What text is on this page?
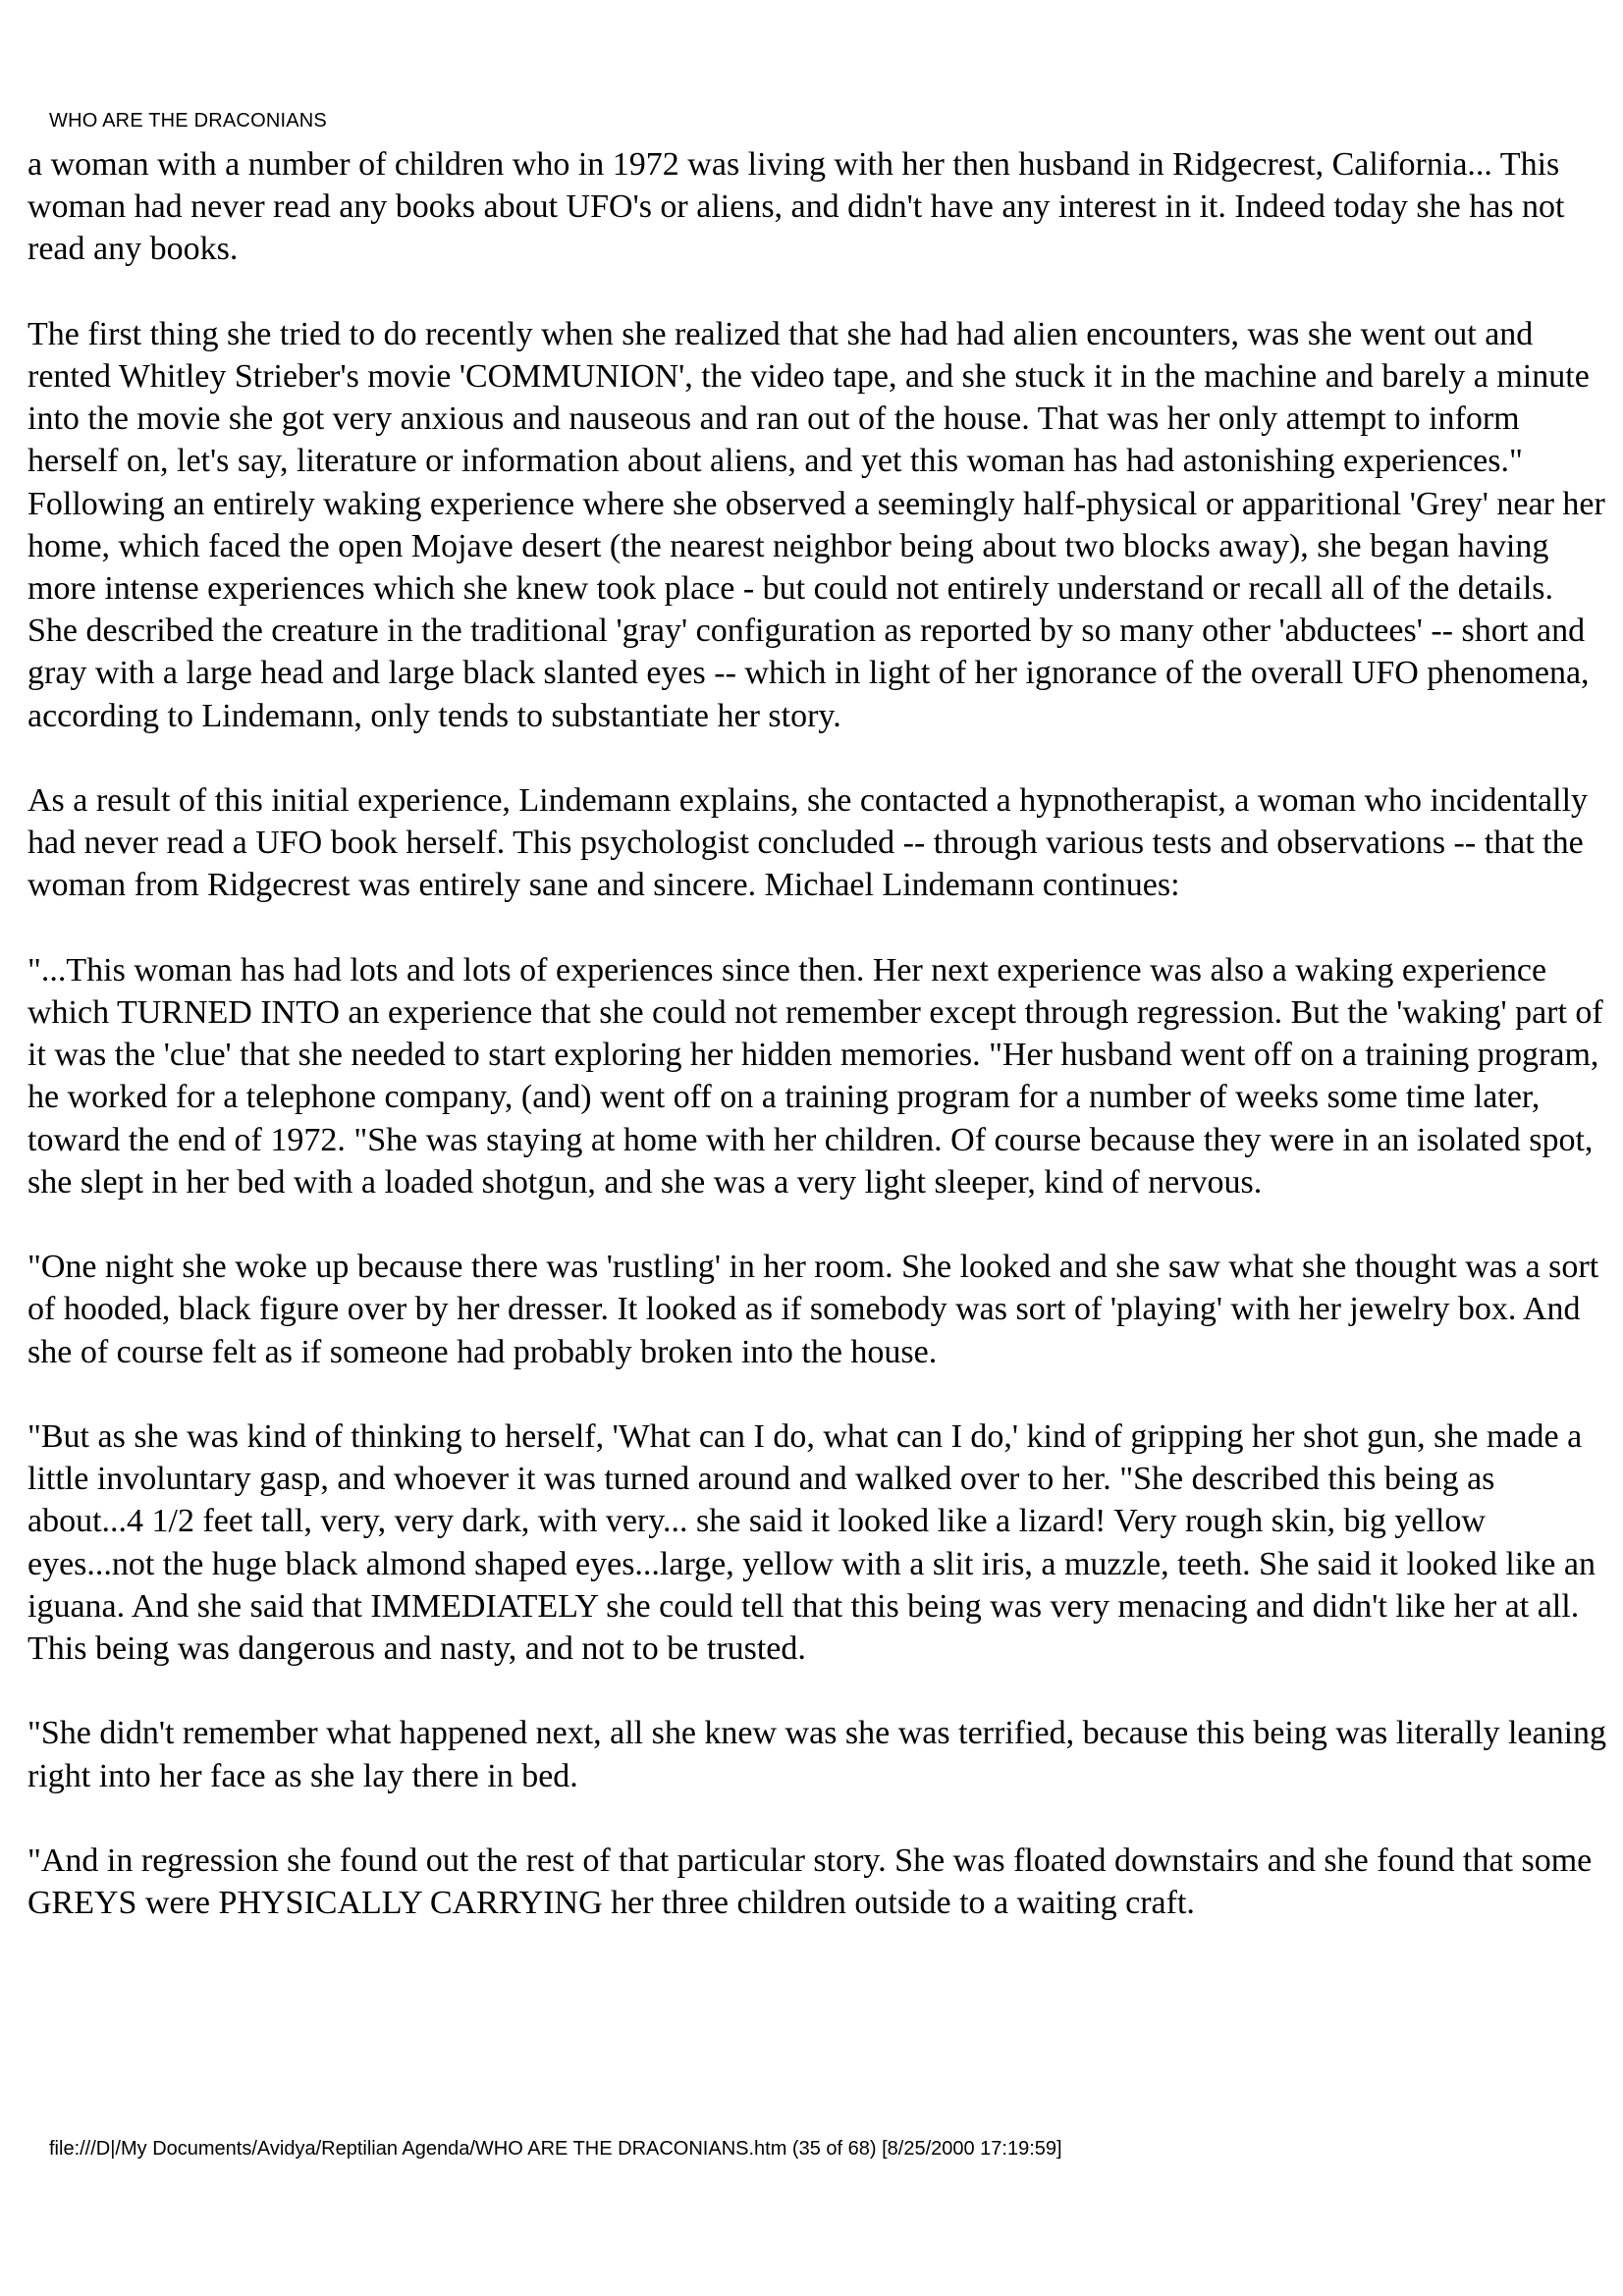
WHO ARE THE DRACONIANS

a woman with a number of children who in 1972 was living with her then husband in Ridgecrest, California... This woman had never read any books about UFO's or aliens, and didn't have any interest in it. Indeed today she has not read any books.

The first thing she tried to do recently when she realized that she had had alien encounters, was she went out and rented Whitley Strieber's movie 'COMMUNION', the video tape, and she stuck it in the machine and barely a minute into the movie she got very anxious and nauseous and ran out of the house. That was her only attempt to inform herself on, let's say, literature or information about aliens, and yet this woman has had astonishing experiences." Following an entirely waking experience where she observed a seemingly half-physical or apparitional 'Grey' near her home, which faced the open Mojave desert (the nearest neighbor being about two blocks away), she began having more intense experiences which she knew took place - but could not entirely understand or recall all of the details. She described the creature in the traditional 'gray' configuration as reported by so many other 'abductees' -- short and gray with a large head and large black slanted eyes -- which in light of her ignorance of the overall UFO phenomena, according to Lindemann, only tends to substantiate her story.

As a result of this initial experience, Lindemann explains, she contacted a hypnotherapist, a woman who incidentally had never read a UFO book herself. This psychologist concluded -- through various tests and observations -- that the woman from Ridgecrest was entirely sane and sincere. Michael Lindemann continues:

"...This woman has had lots and lots of experiences since then. Her next experience was also a waking experience which TURNED INTO an experience that she could not remember except through regression. But the 'waking' part of it was the 'clue' that she needed to start exploring her hidden memories. "Her husband went off on a training program, he worked for a telephone company, (and) went off on a training program for a number of weeks some time later, toward the end of 1972. "She was staying at home with her children. Of course because they were in an isolated spot, she slept in her bed with a loaded shotgun, and she was a very light sleeper, kind of nervous.

"One night she woke up because there was 'rustling' in her room. She looked and she saw what she thought was a sort of hooded, black figure over by her dresser. It looked as if somebody was sort of 'playing' with her jewelry box. And she of course felt as if someone had probably broken into the house.

"But as she was kind of thinking to herself, 'What can I do, what can I do,' kind of gripping her shot gun, she made a little involuntary gasp, and whoever it was turned around and walked over to her. "She described this being as about...4 1/2 feet tall, very, very dark, with very... she said it looked like a lizard! Very rough skin, big yellow eyes...not the huge black almond shaped eyes...large, yellow with a slit iris, a muzzle, teeth. She said it looked like an iguana. And she said that IMMEDIATELY she could tell that this being was very menacing and didn't like her at all. This being was dangerous and nasty, and not to be trusted.

"She didn't remember what happened next, all she knew was she was terrified, because this being was literally leaning right into her face as she lay there in bed.

"And in regression she found out the rest of that particular story. She was floated downstairs and she found that some GREYS were PHYSICALLY CARRYING her three children outside to a waiting craft.

file:///D|/My Documents/Avidya/Reptilian Agenda/WHO ARE THE DRACONIANS.htm (35 of 68) [8/25/2000 17:19:59]
